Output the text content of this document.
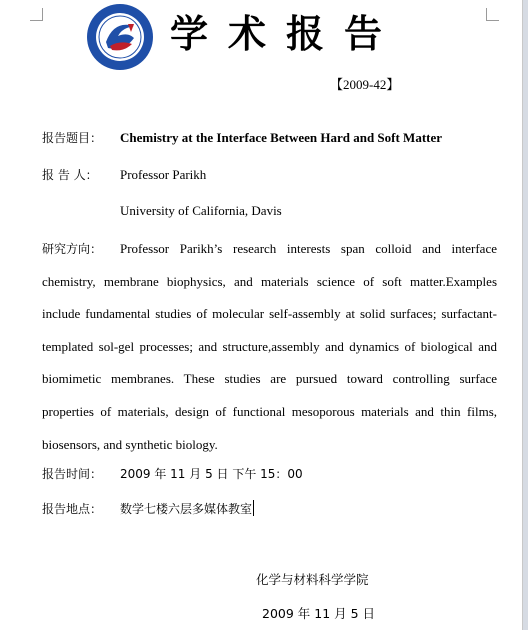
学术报告
【2009-42】
报告题目： Chemistry at the Interface Between Hard and Soft Matter
报 告 人： Professor Parikh
University of California, Davis
研究方向： Professor Parikh’s research interests span colloid and interface chemistry, membrane biophysics, and materials science of soft matter.Examples include fundamental studies of molecular self-assembly at solid surfaces; surfactant-templated sol-gel processes; and structure,assembly and dynamics of biological and biomimetic membranes. These studies are pursued toward controlling surface properties of materials, design of functional mesoporous materials and thin films, biosensors, and synthetic biology.
报告时间： 2009 年 11 月 5 日 下午 15：00
报告地点： 数学七楼六层多媒体教室
化学与材料科学学院
2009 年 11 月 5 日
